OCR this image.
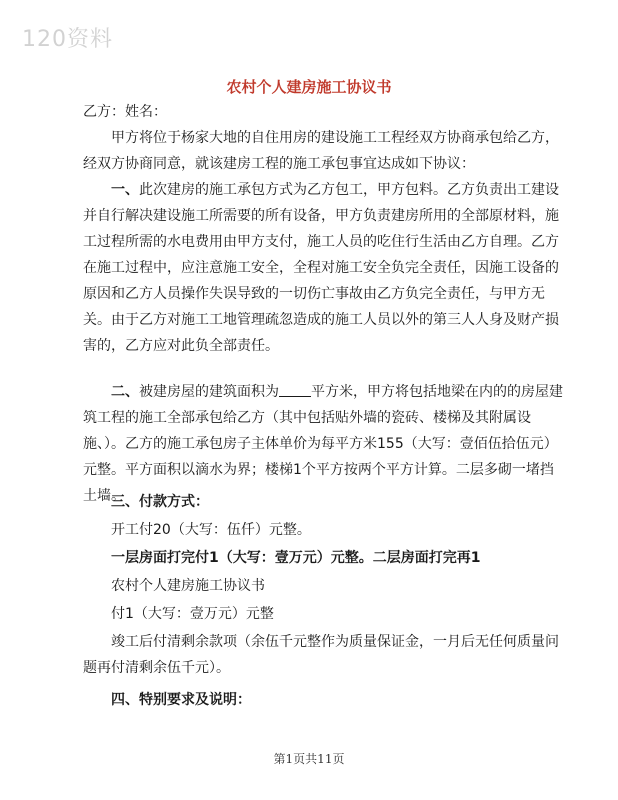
120资料
农村个人建房施工协议书

乙方：姓名：

甲方将位于杨家大地的自住用房的建设施工工程经双方协商承包给乙方，经双方协商同意，就该建房工程的施工承包事宜达成如下协议：

一、此次建房的施工承包方式为乙方包工，甲方包料。乙方负责出工建设并自行解决建设施工所需要的所有设备，甲方负责建房所用的全部原材料，施工过程所需的水电费用由甲方支付，施工人员的吃住行生活由乙方自理。乙方在施工过程中，应注意施工安全，全程对施工安全负完全责任，因施工设备的原因和乙方人员操作失误导致的一切伤亡事故由乙方负完全责任，与甲方无关。由于乙方对施工工地管理疏忽造成的施工人员以外的第三人人身及财产损害的，乙方应对此负全部责任。

二、被建房屋的建筑面积为 平方米，甲方将包括地梁在内的的房屋建筑工程的施工全部承包给乙方（其中包括贴外墙的瓷砖、楼梯及其附属设施、）。乙方的施工承包房子主体单价为每平方米155（大写：壹佰伍拾伍元）元整。平方面积以滴水为界；楼梯1个平方按两个平方计算。二层多砌一堵挡土墙。

三、付款方式：

开工付20（大写：伍仟）元整。

一层房面打完付1（大写：壹万元）元整。二层房面打完再1

农村个人建房施工协议书

付1（大写：壹万元）元整

竣工后付清剩余款项（余伍千元整作为质量保证金，一月后无任何质量问题再付清剩余伍千元）。

四、特别要求及说明：

第1页共11页
